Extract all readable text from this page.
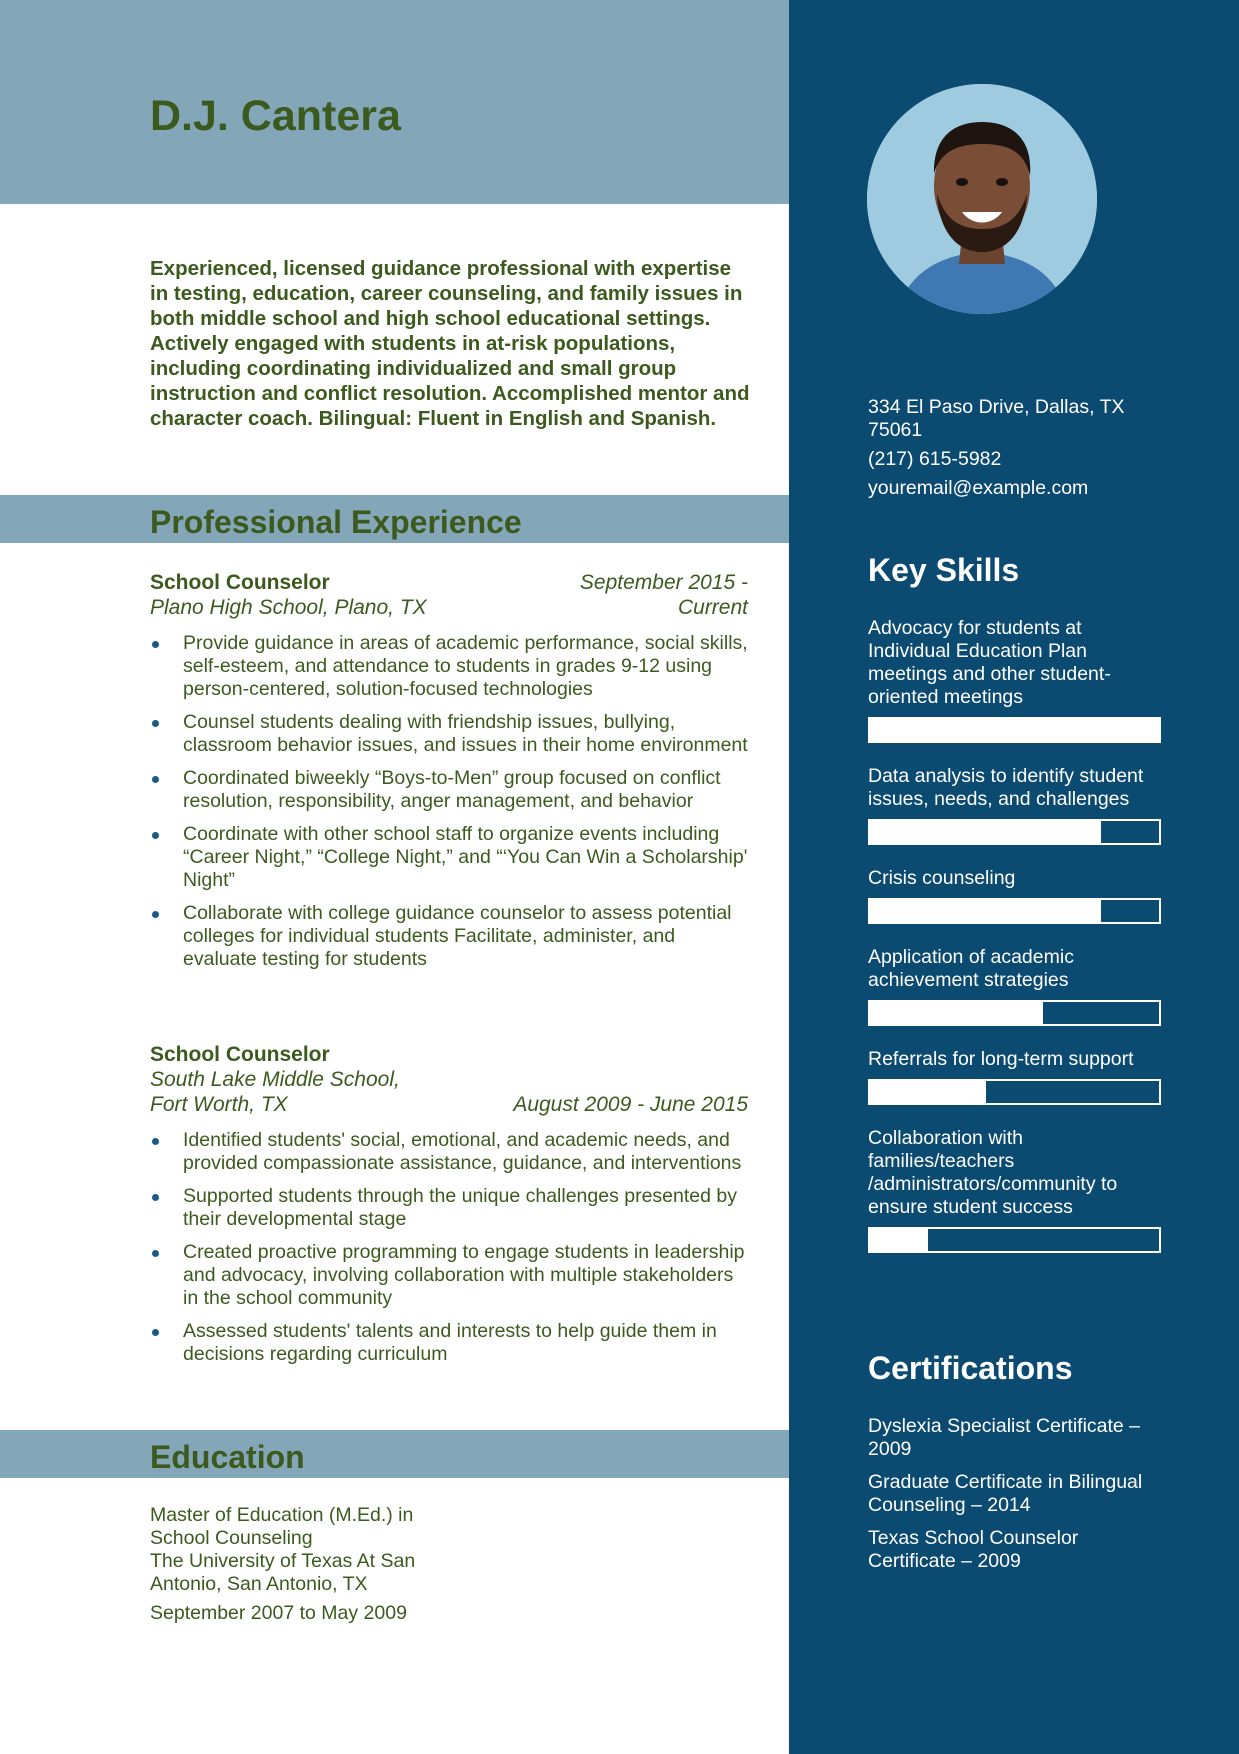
D.J. Cantera

Experienced, licensed guidance professional with expertise in testing, education, career counseling, and family issues in both middle school and high school educational settings. Actively engaged with students in at-risk populations, including coordinating individualized and small group instruction and conflict resolution. Accomplished mentor and character coach. Bilingual: Fluent in English and Spanish.

Professional Experience
September 2015 -
School Counselor
Current
Plano High School, Plano, TX
Provide guidance in areas of academic performance, social skills, self-esteem, and attendance to students in grades 9-12 using person-centered, solution-focused technologies
Counsel students dealing with friendship issues, bullying, classroom behavior issues, and issues in their home environment
Coordinated biweekly “Boys-to-Men” group focused on conflict resolution, responsibility, anger management, and behavior
Coordinate with other school staff to organize events including “Career Night,” “College Night,” and “‘You Can Win a Scholarship' Night”
Collaborate with college guidance counselor to assess potential colleges for individual students Facilitate, administer, and evaluate testing for students
School Counselor
South Lake Middle School,
August 2009 - June 2015
Fort Worth, TX
Identified students' social, emotional, and academic needs, and provided compassionate assistance, guidance, and interventions
Supported students through the unique challenges presented by their developmental stage
Created proactive programming to engage students in leadership and advocacy, involving collaboration with multiple stakeholders in the school community
Assessed students' talents and interests to help guide them in decisions regarding curriculum
Education
Master of Education (M.Ed.) in School Counseling
The University of Texas At San Antonio, San Antonio, TX
September 2007 to May 2009
334 El Paso Drive, Dallas, TX 75061
(217) 615-5982
youremail@example.com
Key Skills
Advocacy for students at Individual Education Plan meetings and other student-oriented meetings
Data analysis to identify student issues, needs, and challenges
Crisis counseling
Application of academic achievement strategies
Referrals for long-term support
Collaboration with families/teachers /administrators/community to ensure student success
Certifications
Dyslexia Specialist Certificate – 2009
Graduate Certificate in Bilingual Counseling – 2014
Texas School Counselor Certificate – 2009
